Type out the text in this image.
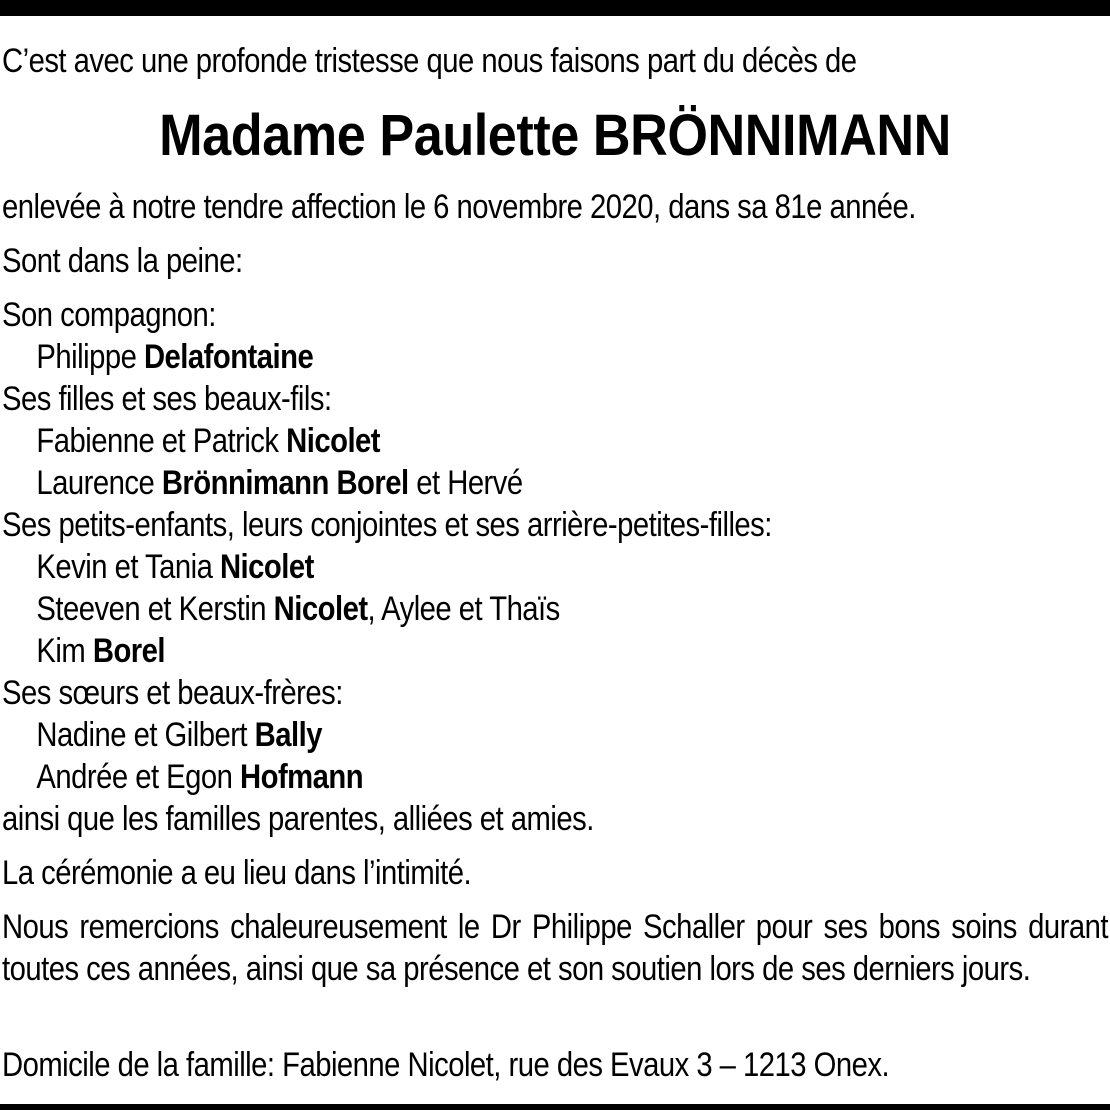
C’est avec une profonde tristesse que nous faisons part du décès de
Madame Paulette BRÖNNIMANN
enlevée à notre tendre affection le 6 novembre 2020, dans sa 81e année.
Sont dans la peine:
Son compagnon:
Philippe Delafontaine
Ses filles et ses beaux-fils:
Fabienne et Patrick Nicolet
Laurence Brönnimann Borel et Hervé
Ses petits-enfants, leurs conjointes et ses arrière-petites-filles:
Kevin et Tania Nicolet
Steeven et Kerstin Nicolet, Aylee et Thaïs
Kim Borel
Ses sœurs et beaux-frères:
Nadine et Gilbert Bally
Andrée et Egon Hofmann
ainsi que les familles parentes, alliées et amies.
La cérémonie a eu lieu dans l’intimité.
Nous remercions chaleureusement le Dr Philippe Schaller pour ses bons soins durant toutes ces années, ainsi que sa présence et son soutien lors de ses derniers jours.
Domicile de la famille: Fabienne Nicolet, rue des Evaux 3 – 1213 Onex.
